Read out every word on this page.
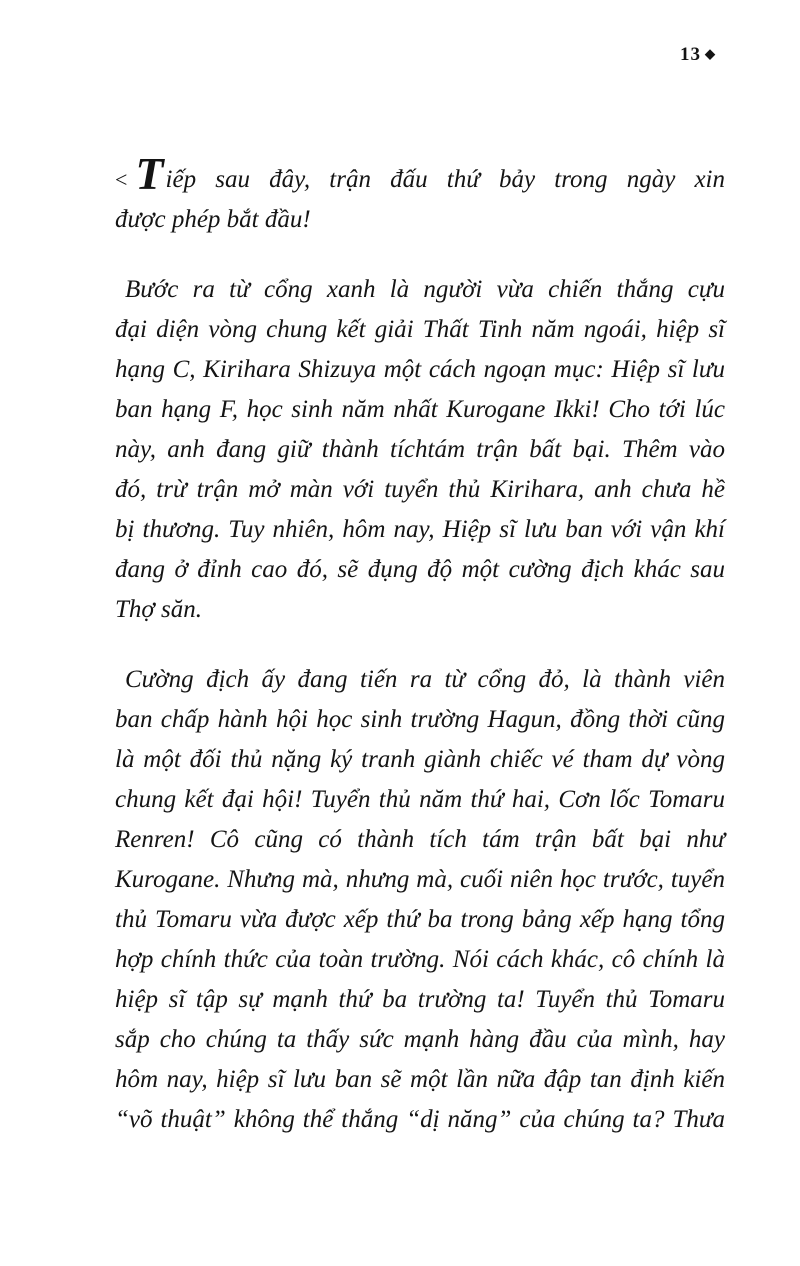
13 ◆
< Tiếp sau đây, trận đấu thứ bảy trong ngày xin
được phép bắt đầu!
Bước ra từ cổng xanh là người vừa chiến thắng cựu
đại diện vòng chung kết giải Thất Tinh năm ngoái, hiệp sĩ
hạng C, Kirihara Shizuya một cách ngoạn mục: Hiệp sĩ lưu
ban hạng F, học sinh năm nhất Kurogane Ikki! Cho tới lúc
này, anh đang giữ thành tíchtám trận bất bại. Thêm vào
đó, trừ trận mở màn với tuyển thủ Kirihara, anh chưa hề
bị thương. Tuy nhiên, hôm nay, Hiệp sĩ lưu ban với vận khí
đang ở đỉnh cao đó, sẽ đụng độ một cường địch khác sau
Thợ săn.
Cường địch ấy đang tiến ra từ cổng đỏ, là thành viên
ban chấp hành hội học sinh trường Hagun, đồng thời cũng
là một đối thủ nặng ký tranh giành chiếc vé tham dự vòng
chung kết đại hội! Tuyển thủ năm thứ hai, Cơn lốc Tomaru
Renren! Cô cũng có thành tích tám trận bất bại như
Kurogane. Nhưng mà, nhưng mà, cuối niên học trước, tuyển
thủ Tomaru vừa được xếp thứ ba trong bảng xếp hạng tổng
hợp chính thức của toàn trường. Nói cách khác, cô chính là
hiệp sĩ tập sự mạnh thứ ba trường ta! Tuyển thủ Tomaru
sắp cho chúng ta thấy sức mạnh hàng đầu của mình, hay
hôm nay, hiệp sĩ lưu ban sẽ một lần nữa đập tan định kiến
“võ thuật” không thể thắng “dị năng” của chúng ta? Thưa
